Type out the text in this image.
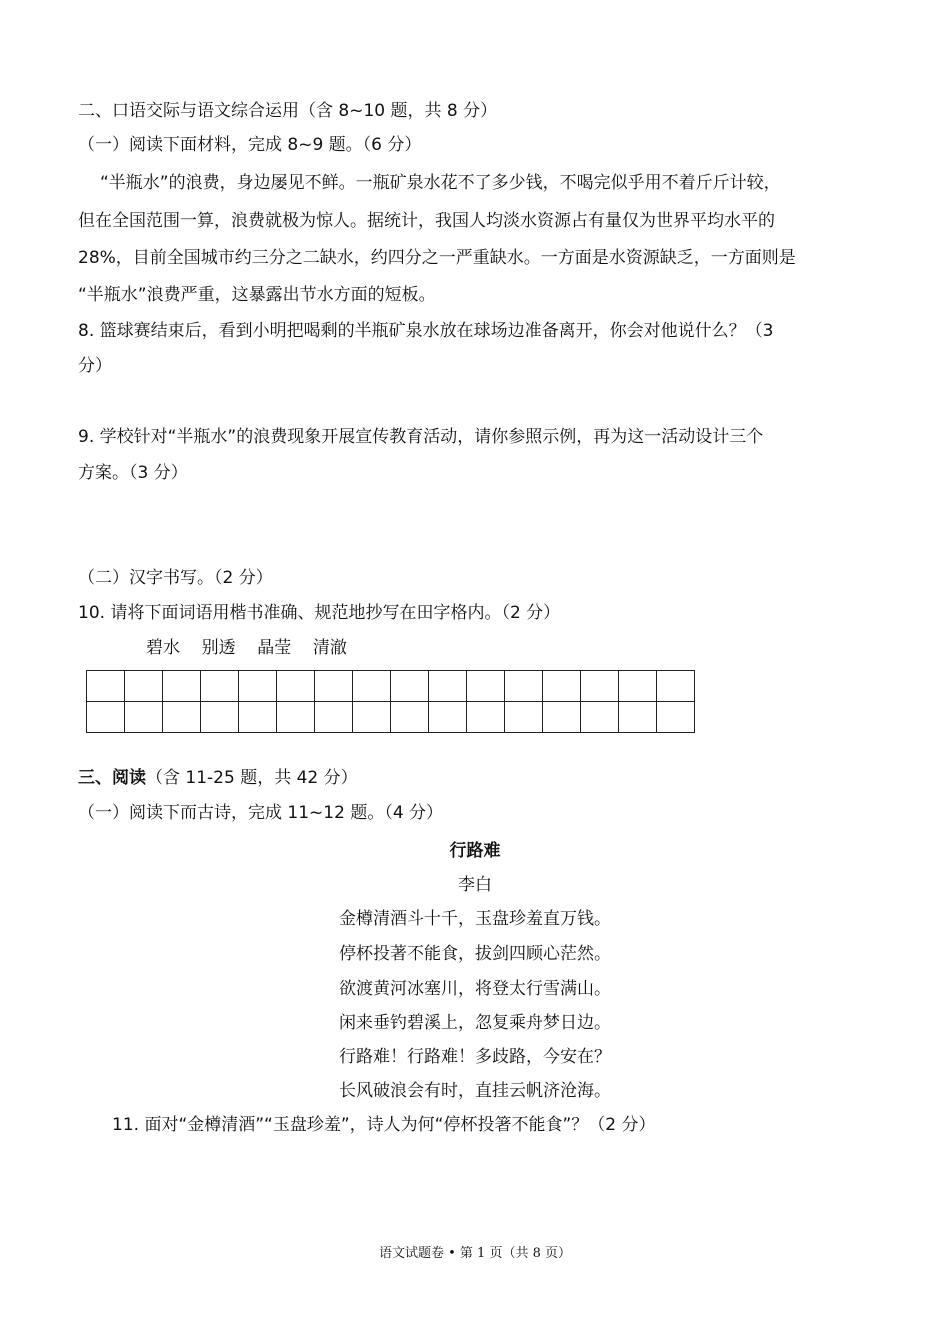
二、口语交际与语文综合运用（含 8~10 题，共 8 分）
（一）阅读下面材料，完成 8~9 题。（6 分）
“半瓶水”的浪费，身边屡见不鲜。一瓶矿泉水花不了多少钱，不喝完似乎用不着斤斤计较，
但在全国范围一算，浪费就极为惊人。据统计，我国人均淡水资源占有量仅为世界平均水平的
28%，目前全国城市约三分之二缺水，约四分之一严重缺水。一方面是水资源缺乏，一方面则是
“半瓶水”浪费严重，这暴露出节水方面的短板。
8. 篮球赛结束后，看到小明把喝剩的半瓶矿泉水放在球场边准备离开，你会对他说什么？（3
分）
9. 学校针对“半瓶水”的浪费现象开展宣传教育活动，请你参照示例，再为这一活动设计三个
方案。（3 分）
（二）汉字书写。（2 分）
10. 请将下面词语用楷书准确、规范地抄写在田字格内。（2 分）
碧水    别透    晶莹    清澈

三、阅读（含 11-25 题，共 42 分）
（一）阅读下而古诗，完成 11~12 题。（4 分）
行路难
李白
金樽清酒斗十千，玉盘珍羞直万钱。
停杯投著不能食，拔剑四顾心茫然。
欲渡黄河冰塞川，将登太行雪满山。
闲来垂钓碧溪上，忽复乘舟梦日边。
行路难！行路难！多歧路，今安在？
长风破浪会有时，直挂云帆济沧海。
11. 面对“金樽清酒”“玉盘珍羞”，诗人为何“停杯投箸不能食”？（2 分）
语文试题卷 • 第 1 页（共 8 页）
